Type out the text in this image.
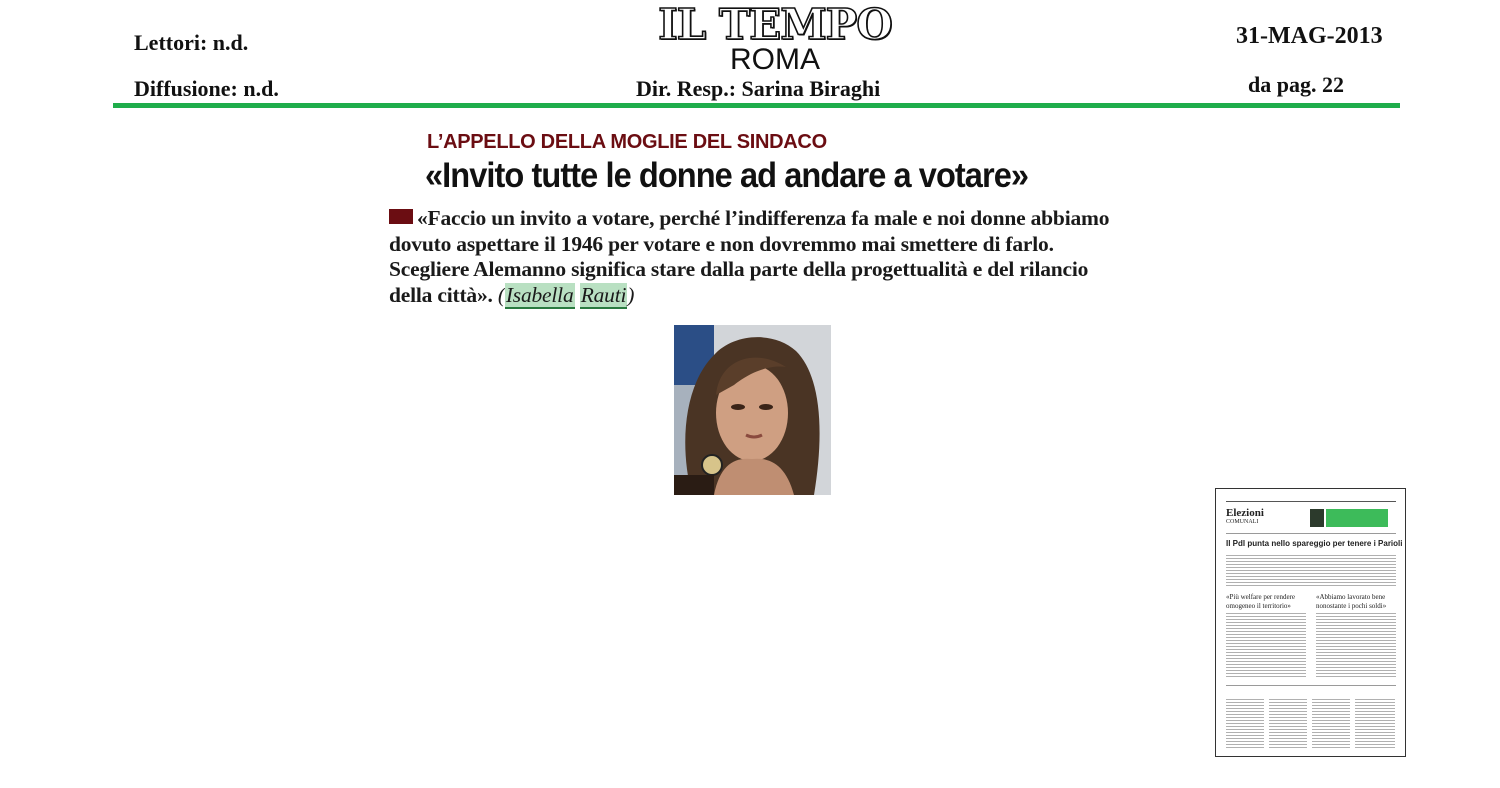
Lettori: n.d.
Diffusione: n.d.
IL TEMPO
ROMA
Dir. Resp.: Sarina Biraghi
31-MAG-2013
da pag. 22
L’APPELLO DELLA MOGLIE DEL SINDACO
«Invito tutte le donne ad andare a votare»
«Faccio un invito a votare, perché l’indifferenza fa male e noi donne abbiamo dovuto aspettare il 1946 per votare e non dovremmo mai smettere di farlo. Scegliere Alemanno significa stare dalla parte della progettualità e del rilancio della città». (Isabella Rauti)
Elezioni
COMUNALI
Il Pdl punta nello spareggio per tenere i Parioli
«Più welfare per rendere omogeneo il territorio»
«Abbiamo lavorato bene nonostante i pochi soldi»
